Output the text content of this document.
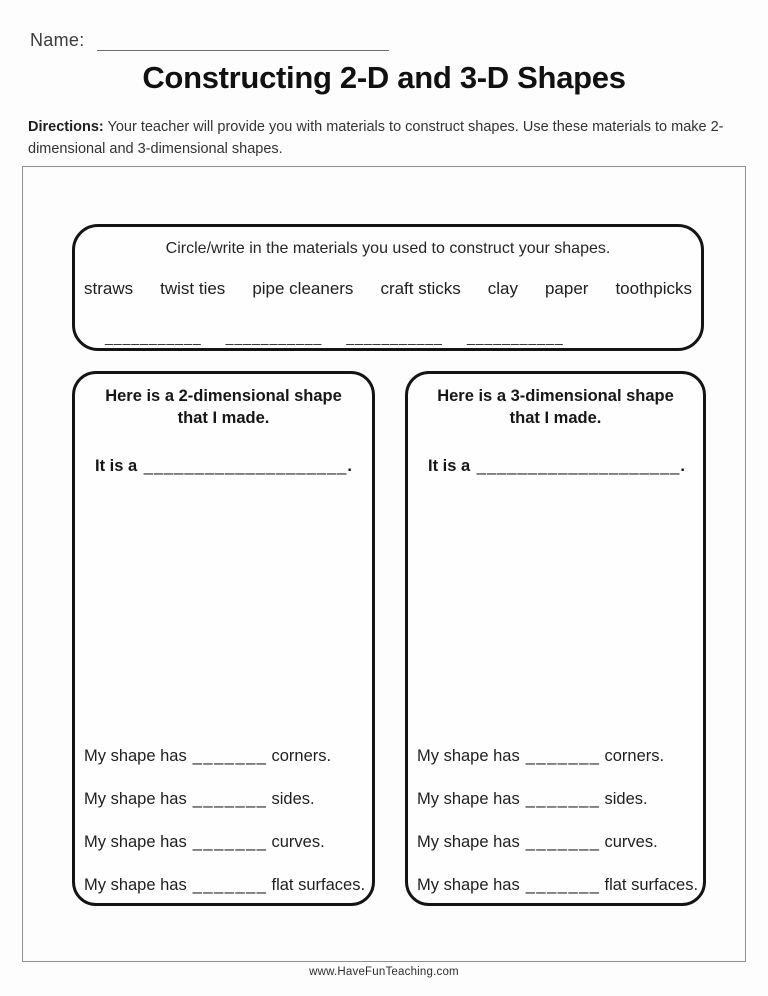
Name:
Constructing 2-D and 3-D Shapes

Directions: Your teacher will provide you with materials to construct shapes. Use these materials to make 2-dimensional and 3-dimensional shapes.

Circle/write in the materials you used to construct your shapes.
straws twist ties pipe cleaners craft sticks clay paper toothpicks
___________ ___________ ___________ ___________
Here is a 2-dimensional shape
that I made.
It is a ____________________.
My shape has _______ corners.
My shape has _______ sides.
My shape has _______ curves.
My shape has _______ flat surfaces.
Here is a 3-dimensional shape
that I made.
It is a ____________________.
My shape has _______ corners.
My shape has _______ sides.
My shape has _______ curves.
My shape has _______ flat surfaces.
www.HaveFunTeaching.com
